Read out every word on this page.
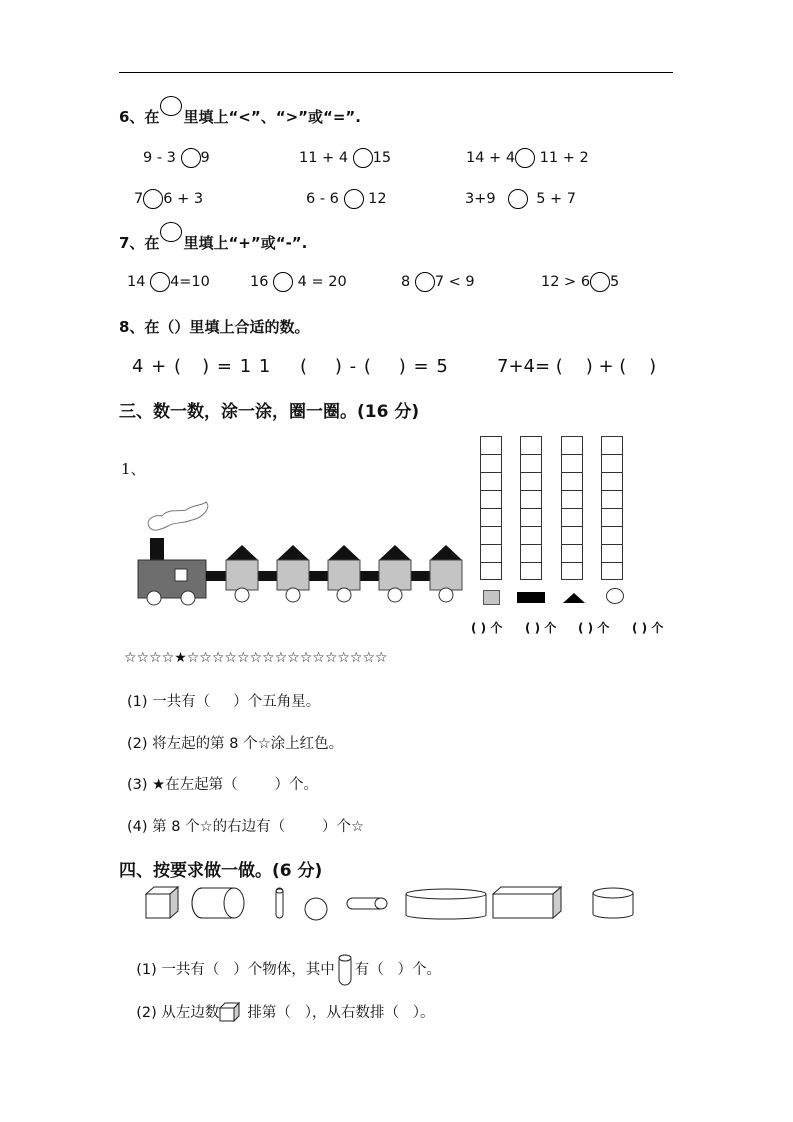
6、在 里填上“<”、“>”或“=”.
9 - 3 9	11 + 4 15	14 + 4 11 + 2
7 6 + 3	6 - 6 12	3+9	5 + 7
7、在 里填上“+”或“-”.
14 4=10	16 4 = 20	8 7 < 9	12 > 6 5
8、在（）里填上合适的数。
4 + (   ) = 1 1 (    ) - (    ) = 5	7+4= (    ) + (    )
三、数一数，涂一涂，圈一圈。(16 分)
1、
( ) 个 ( ) 个 ( ) 个 ( ) 个
☆☆☆☆★☆☆☆☆☆☆☆☆☆☆☆☆☆☆☆☆
(1) 一共有（     ）个五角星。
(2) 将左起的第 8 个☆涂上红色。
(3) ★在左起第（        ）个。
(4) 第 8 个☆的右边有（        ）个☆
四、按要求做一做。(6 分)

(1) 一共有（   ）个物体，其中 有（   ）个。

(2) 从左边数 排第（   ），从右数排（   ）。
